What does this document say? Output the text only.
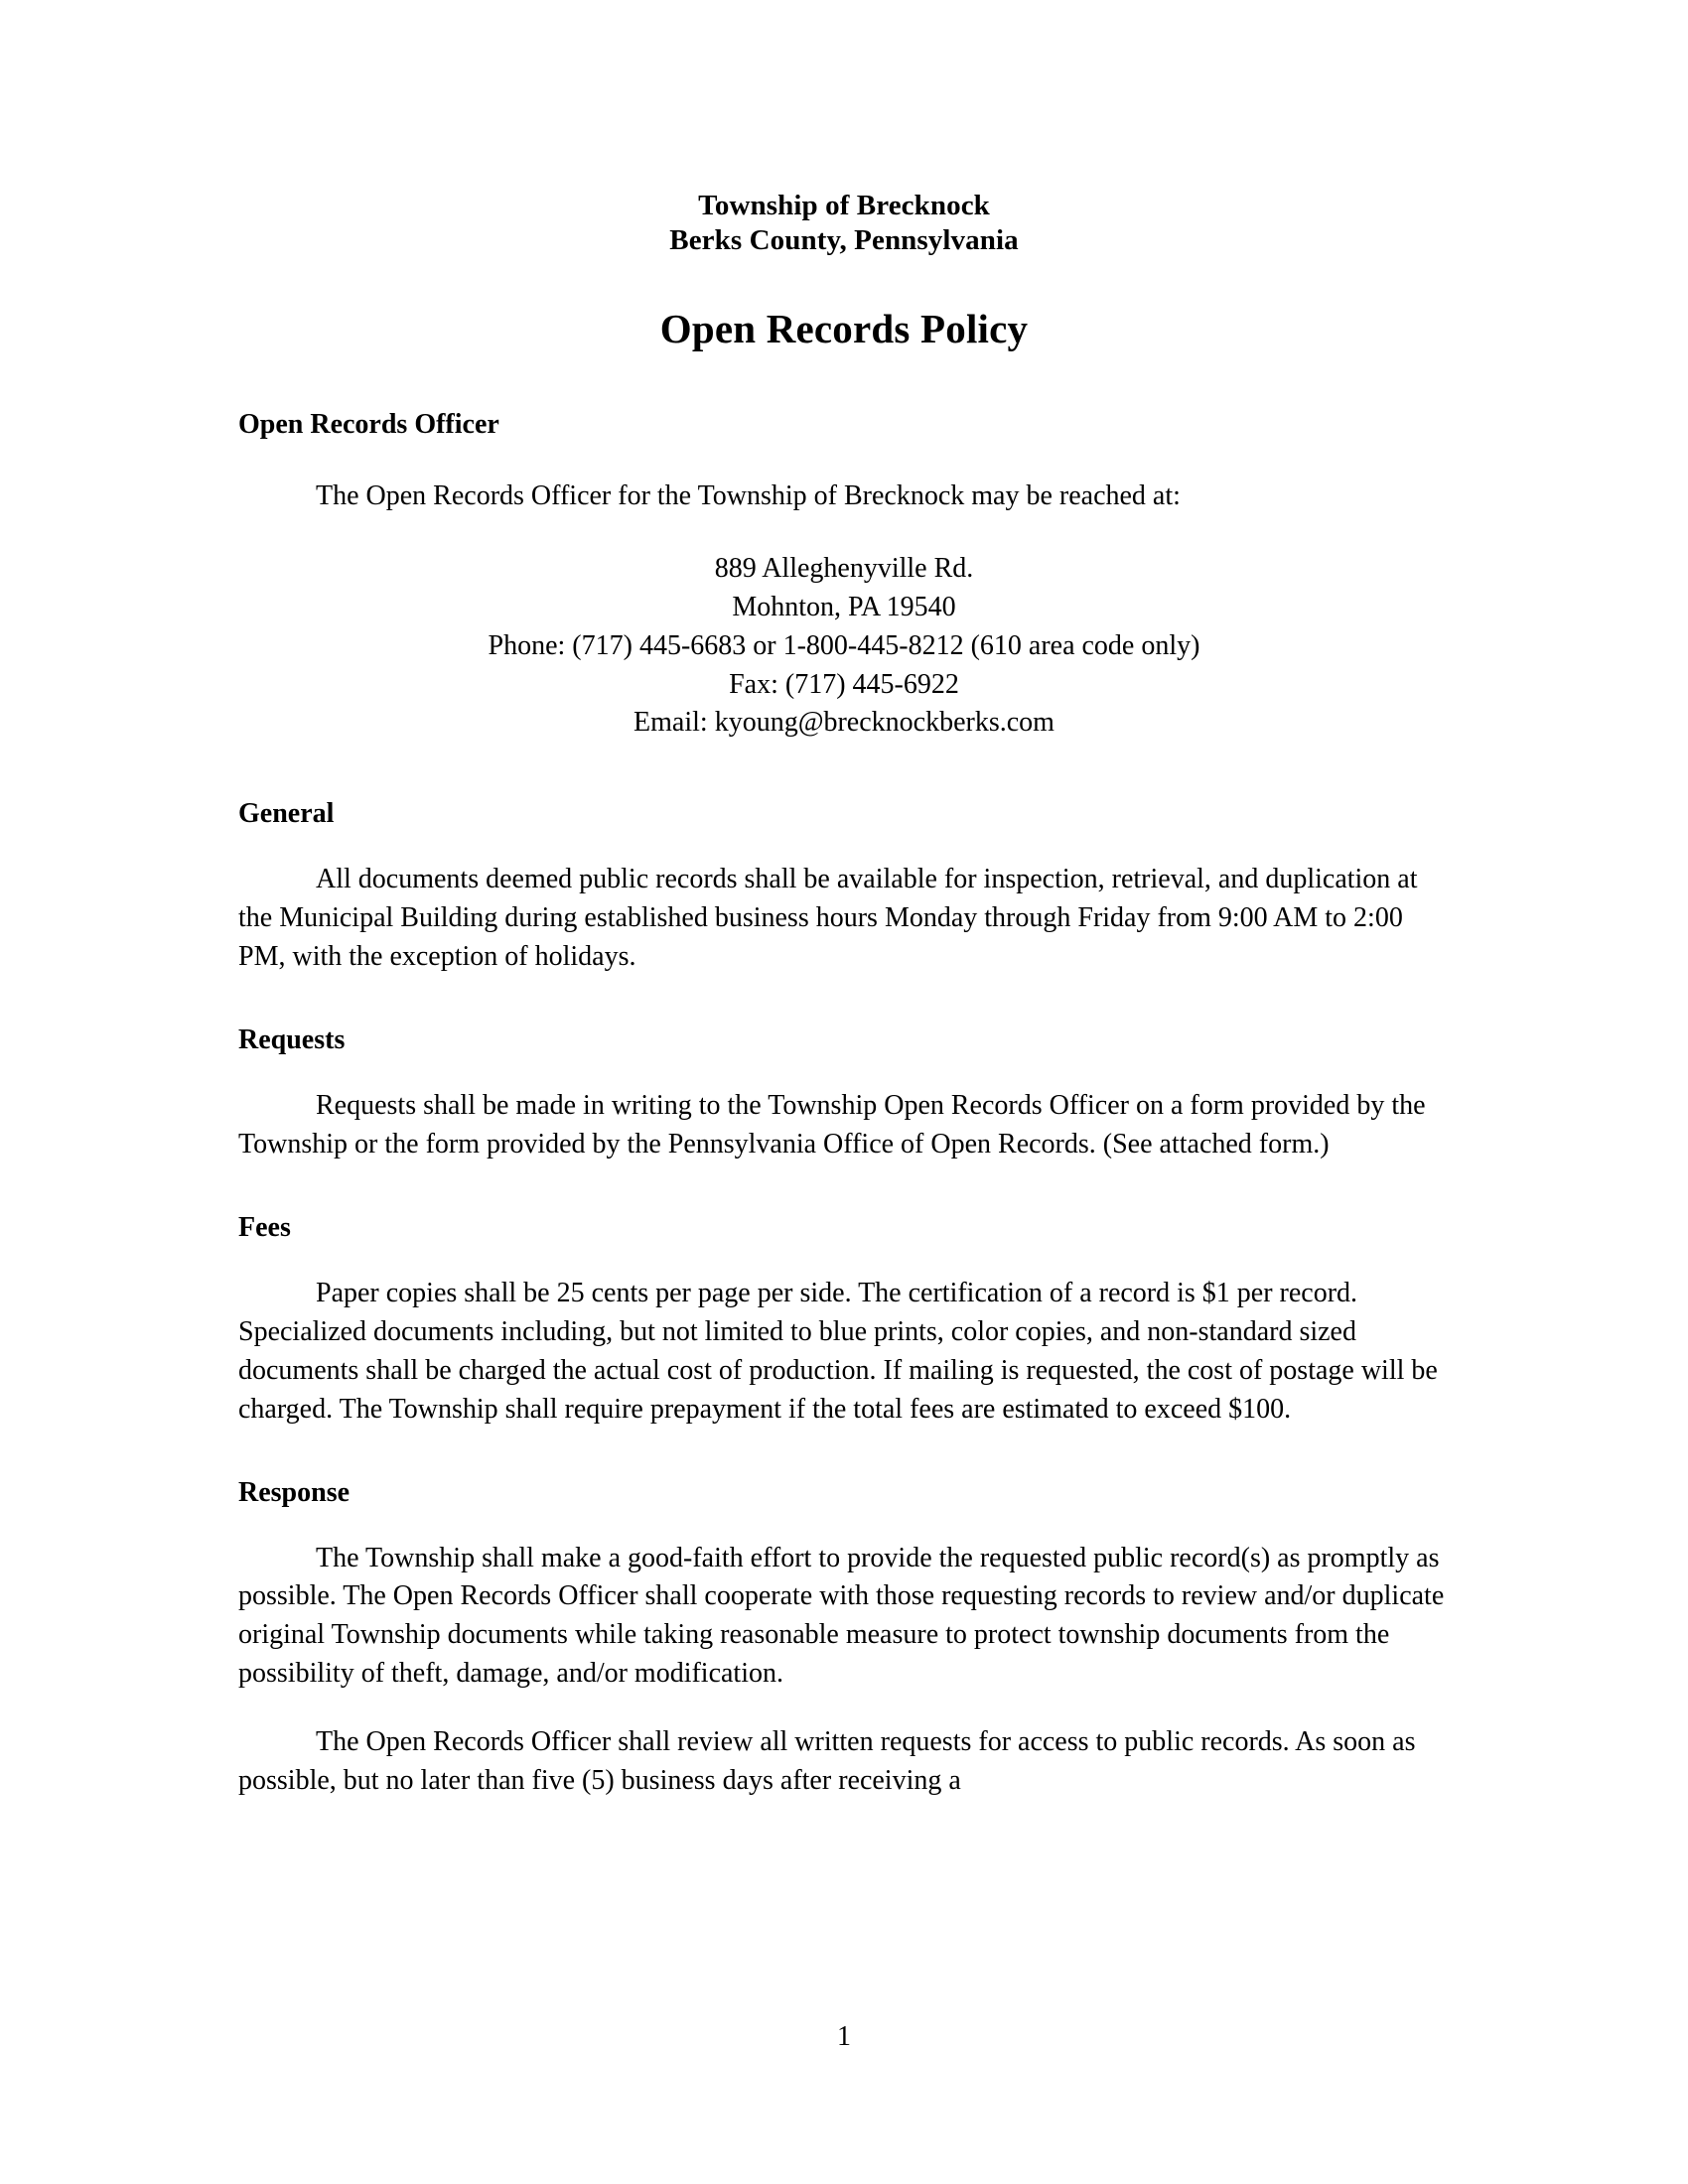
Township of Brecknock
Berks County, Pennsylvania
Open Records Policy
Open Records Officer
The Open Records Officer for the Township of Brecknock may be reached at:
889 Alleghenyville Rd.
Mohnton, PA 19540
Phone: (717) 445-6683 or 1-800-445-8212 (610 area code only)
Fax: (717) 445-6922
Email: kyoung@brecknockberks.com
General
All documents deemed public records shall be available for inspection, retrieval, and duplication at the Municipal Building during established business hours Monday through Friday from 9:00 AM to 2:00 PM, with the exception of holidays.
Requests
Requests shall be made in writing to the Township Open Records Officer on a form provided by the Township or the form provided by the Pennsylvania Office of Open Records. (See attached form.)
Fees
Paper copies shall be 25 cents per page per side. The certification of a record is $1 per record. Specialized documents including, but not limited to blue prints, color copies, and non-standard sized documents shall be charged the actual cost of production. If mailing is requested, the cost of postage will be charged. The Township shall require prepayment if the total fees are estimated to exceed $100.
Response
The Township shall make a good-faith effort to provide the requested public record(s) as promptly as possible. The Open Records Officer shall cooperate with those requesting records to review and/or duplicate original Township documents while taking reasonable measure to protect township documents from the possibility of theft, damage, and/or modification.
The Open Records Officer shall review all written requests for access to public records. As soon as possible, but no later than five (5) business days after receiving a
1
